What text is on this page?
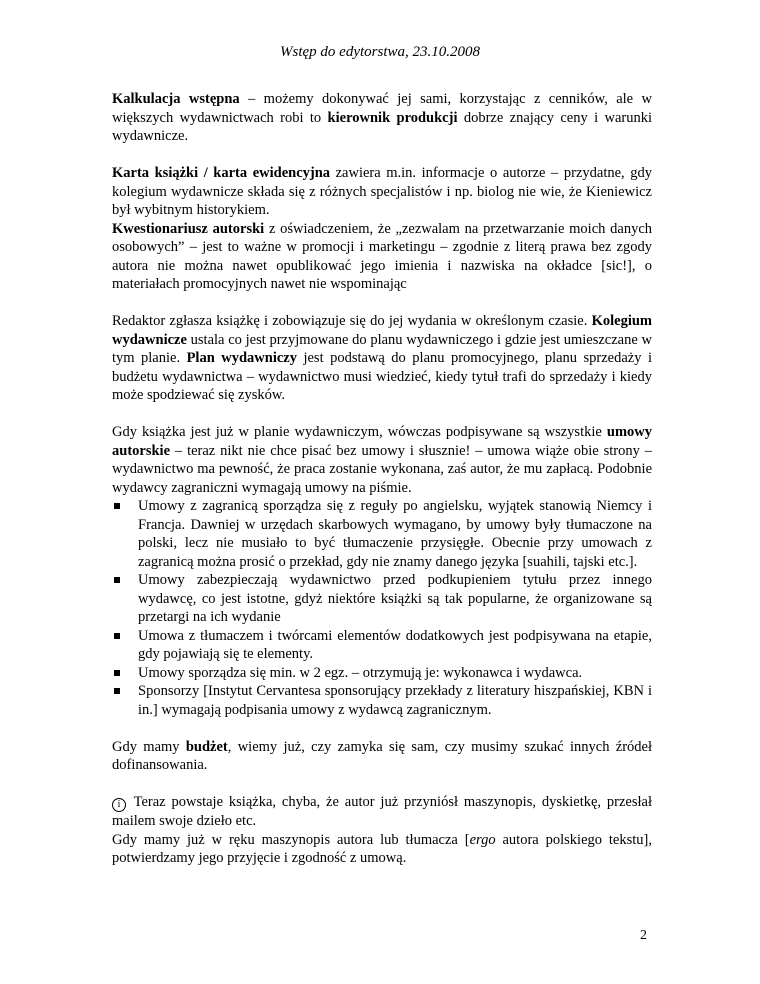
Wstęp do edytorstwa, 23.10.2008

Kalkulacja wstępna – możemy dokonywać jej sami, korzystając z cenników, ale w większych wydawnictwach robi to kierownik produkcji dobrze znający ceny i warunki wydawnicze.

Karta książki / karta ewidencyjna zawiera m.in. informacje o autorze – przydatne, gdy kolegium wydawnicze składa się z różnych specjalistów i np. biolog nie wie, że Kieniewicz był wybitnym historykiem.

Kwestionariusz autorski z oświadczeniem, że „zezwalam na przetwarzanie moich danych osobowych” – jest to ważne w promocji i marketingu – zgodnie z literą prawa bez zgody autora nie można nawet opublikować jego imienia i nazwiska na okładce [sic!], o materiałach promocyjnych nawet nie wspominając

Redaktor zgłasza książkę i zobowiązuje się do jej wydania w określonym czasie. Kolegium wydawnicze ustala co jest przyjmowane do planu wydawniczego i gdzie jest umieszczane w tym planie. Plan wydawniczy jest podstawą do planu promocyjnego, planu sprzedaży i budżetu wydawnictwa – wydawnictwo musi wiedzieć, kiedy tytuł trafi do sprzedaży i kiedy może spodziewać się zysków.

Gdy książka jest już w planie wydawniczym, wówczas podpisywane są wszystkie umowy autorskie – teraz nikt nie chce pisać bez umowy i słusznie! – umowa wiąże obie strony – wydawnictwo ma pewność, że praca zostanie wykonana, zaś autor, że mu zapłacą. Podobnie wydawcy zagraniczni wymagają umowy na piśmie.

Umowy z zagranicą sporządza się z reguły po angielsku, wyjątek stanowią Niemcy i Francja. Dawniej w urzędach skarbowych wymagano, by umowy były tłumaczone na polski, lecz nie musiało to być tłumaczenie przysięgłe. Obecnie przy umowach z zagranicą można prosić o przekład, gdy nie znamy danego języka [suahili, tajski etc.].
Umowy zabezpieczają wydawnictwo przed podkupieniem tytułu przez innego wydawcę, co jest istotne, gdyż niektóre książki są tak popularne, że organizowane są przetargi na ich wydanie
Umowa z tłumaczem i twórcami elementów dodatkowych jest podpisywana na etapie, gdy pojawiają się te elementy.
Umowy sporządza się min. w 2 egz. – otrzymują je: wykonawca i wydawca.
Sponsorzy [Instytut Cervantesa sponsorujący przekłady z literatury hiszpańskiej, KBN i in.] wymagają podpisania umowy z wydawcą zagranicznym.

Gdy mamy budżet, wiemy już, czy zamyka się sam, czy musimy szukać innych źródeł dofinansowania.

i Teraz powstaje książka, chyba, że autor już przyniósł maszynopis, dyskietkę, przesłał mailem swoje dzieło etc.

Gdy mamy już w ręku maszynopis autora lub tłumacza [ergo autora polskiego tekstu], potwierdzamy jego przyjęcie i zgodność z umową.

2
